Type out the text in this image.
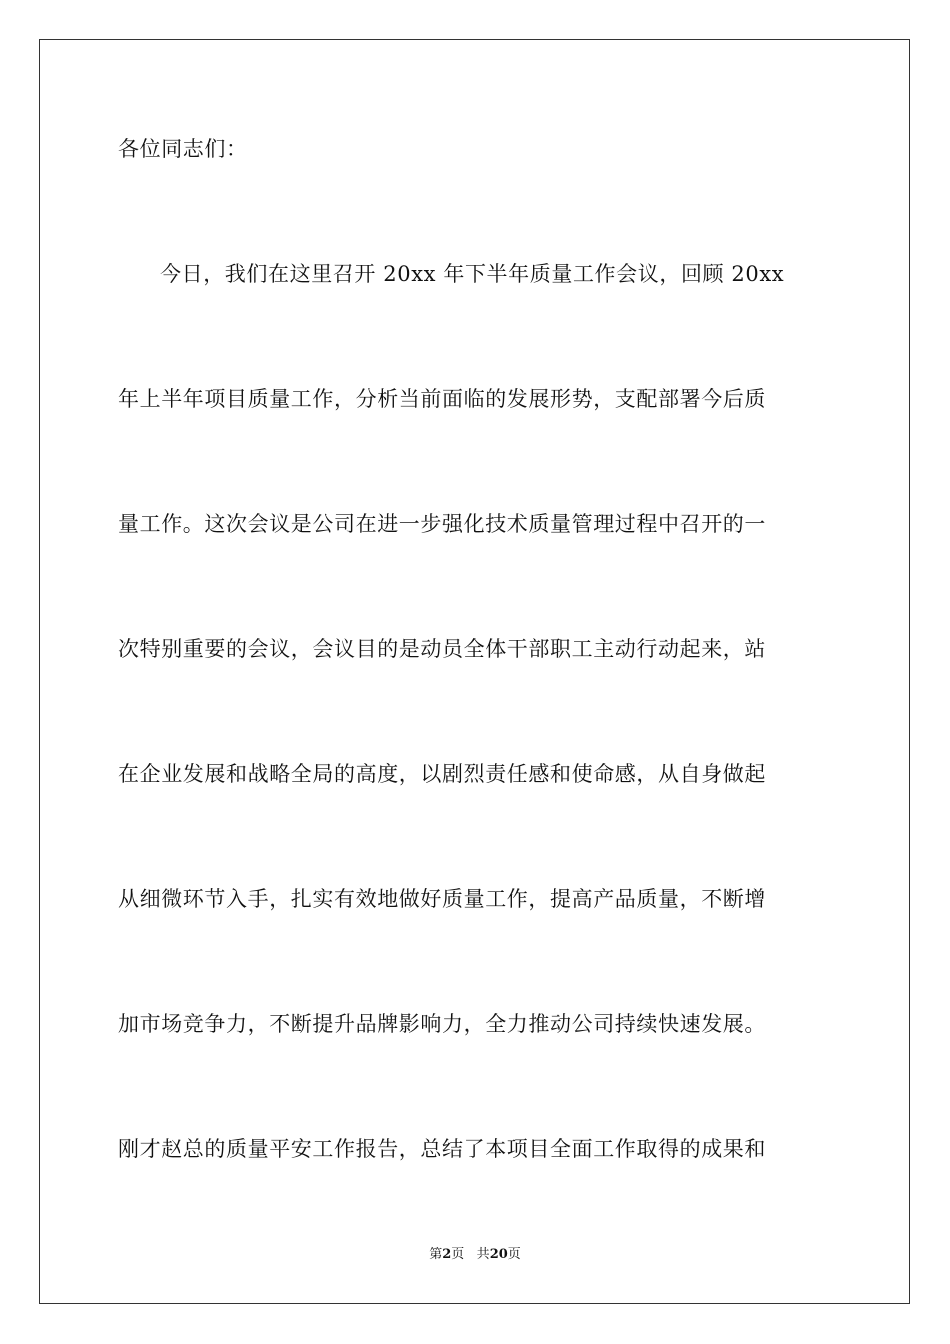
各位同志们：
今日，我们在这里召开 20xx 年下半年质量工作会议，回顾 20xx
年上半年项目质量工作，分析当前面临的发展形势，支配部署今后质
量工作。这次会议是公司在进一步强化技术质量管理过程中召开的一
次特别重要的会议，会议目的是动员全体干部职工主动行动起来，站
在企业发展和战略全局的高度，以剧烈责任感和使命感，从自身做起
从细微环节入手，扎实有效地做好质量工作，提高产品质量，不断增
加市场竞争力，不断提升品牌影响力，全力推动公司持续快速发展。
刚才赵总的质量平安工作报告，总结了本项目全面工作取得的成果和
第2页 共20页
